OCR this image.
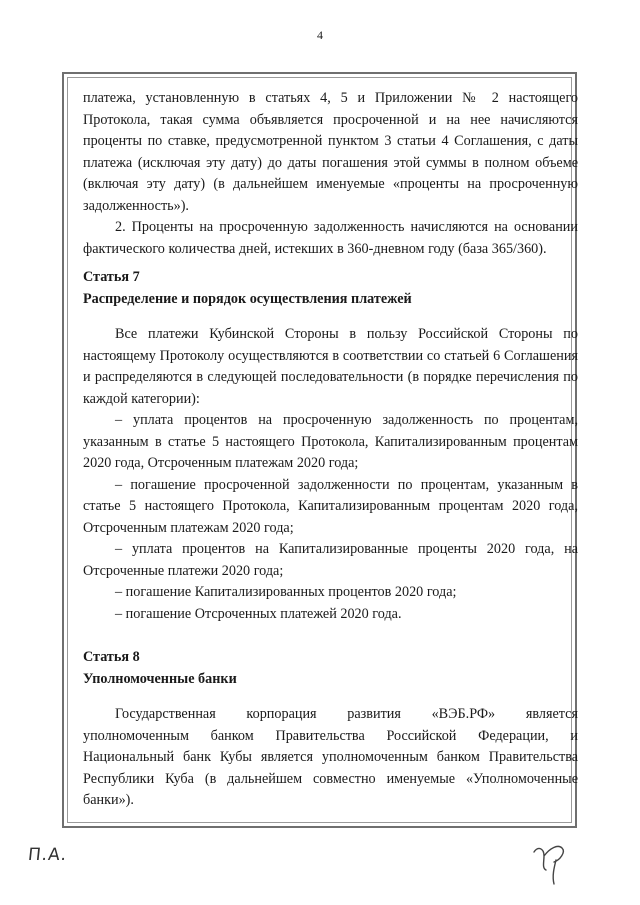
4

платежа, установленную в статьях 4, 5 и Приложении № 2 настоящего Протокола, такая сумма объявляется просроченной и на нее начисляются проценты по ставке, предусмотренной пунктом 3 статьи 4 Соглашения, с даты платежа (исключая эту дату) до даты погашения этой суммы в полном объеме (включая эту дату) (в дальнейшем именуемые «проценты на просроченную задолженность»).

2. Проценты на просроченную задолженность начисляются на основании фактического количества дней, истекших в 360-дневном году (база 365/360).

Статья 7

Распределение и порядок осуществления платежей

Все платежи Кубинской Стороны в пользу Российской Стороны по настоящему Протоколу осуществляются в соответствии со статьей 6 Соглашения и распределяются в следующей последовательности (в порядке перечисления по каждой категории):

– уплата процентов на просроченную задолженность по процентам, указанным в статье 5 настоящего Протокола, Капитализированным процентам 2020 года, Отсроченным платежам 2020 года;

– погашение просроченной задолженности по процентам, указанным в статье 5 настоящего Протокола, Капитализированным процентам 2020 года, Отсроченным платежам 2020 года;

– уплата процентов на Капитализированные проценты 2020 года, на Отсроченные платежи 2020 года;

– погашение Капитализированных процентов 2020 года;

– погашение Отсроченных платежей 2020 года.

Статья 8

Уполномоченные банки

Государственная корпорация развития «ВЭБ.РФ» является уполномоченным банком Правительства Российской Федерации, и Национальный банк Кубы является уполномоченным банком Правительства Республики Куба (в дальнейшем совместно именуемые «Уполномоченные банки»).

П.А.
